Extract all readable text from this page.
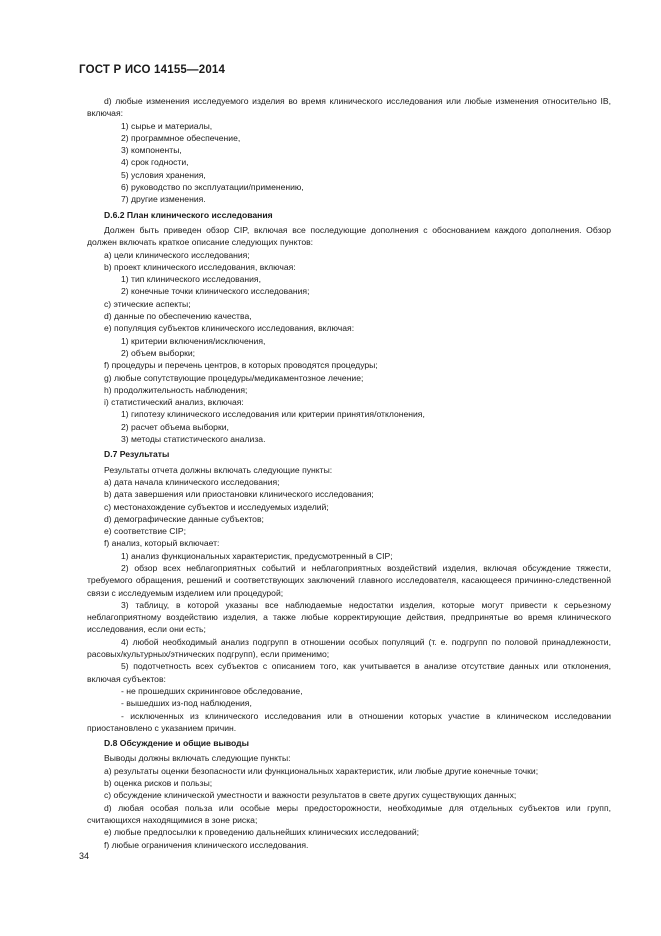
ГОСТ Р ИСО 14155—2014

d) любые изменения исследуемого изделия во время клинического исследования или любые изменения относительно IB, включая:

1) сырье и материалы,

2) программное обеспечение,

3) компоненты,

4) срок годности,

5) условия хранения,

6) руководство по эксплуатации/применению,

7) другие изменения.

D.6.2 План клинического исследования

Должен быть приведен обзор CIP, включая все последующие дополнения с обоснованием каждого дополнения. Обзор должен включать краткое описание следующих пунктов:

a) цели клинического исследования;

b) проект клинического исследования, включая:

1) тип клинического исследования,

2) конечные точки клинического исследования;

c) этические аспекты;

d) данные по обеспечению качества,

e) популяция субъектов клинического исследования, включая:

1) критерии включения/исключения,

2) объем выборки;

f) процедуры и перечень центров, в которых проводятся процедуры;

g) любые сопутствующие процедуры/медикаментозное лечение;

h) продолжительность наблюдения;

i) статистический анализ, включая:

1) гипотезу клинического исследования или критерии принятия/отклонения,

2) расчет объема выборки,

3) методы статистического анализа.

D.7 Результаты

Результаты отчета должны включать следующие пункты:

a) дата начала клинического исследования;

b) дата завершения или приостановки клинического исследования;

c) местонахождение субъектов и исследуемых изделий;

d) демографические данные субъектов;

e) соответствие CIP;

f) анализ, который включает:

1) анализ функциональных характеристик, предусмотренный в CIP;

2) обзор всех неблагоприятных событий и неблагоприятных воздействий изделия, включая обсуждение тяжести, требуемого обращения, решений и соответствующих заключений главного исследователя, касающееся причинно-следственной связи с исследуемым изделием или процедурой;

3) таблицу, в которой указаны все наблюдаемые недостатки изделия, которые могут привести к серьезному неблагоприятному воздействию изделия, а также любые корректирующие действия, предпринятые во время клинического исследования, если они есть;

4) любой необходимый анализ подгрупп в отношении особых популяций (т. е. подгрупп по половой принадлежности, расовых/культурных/этнических подгрупп), если применимо;

5) подотчетность всех субъектов с описанием того, как учитывается в анализе отсутствие данных или отклонения, включая субъектов:

- не прошедших скрининговое обследование,

- вышедших из-под наблюдения,

- исключенных из клинического исследования или в отношении которых участие в клиническом исследовании приостановлено с указанием причин.

D.8 Обсуждение и общие выводы

Выводы должны включать следующие пункты:

a) результаты оценки безопасности или функциональных характеристик, или любые другие конечные точки;

b) оценка рисков и пользы;

c) обсуждение клинической уместности и важности результатов в свете других существующих данных;

d) любая особая польза или особые меры предосторожности, необходимые для отдельных субъектов или групп, считающихся находящимися в зоне риска;

e) любые предпосылки к проведению дальнейших клинических исследований;

f) любые ограничения клинического исследования.

34
